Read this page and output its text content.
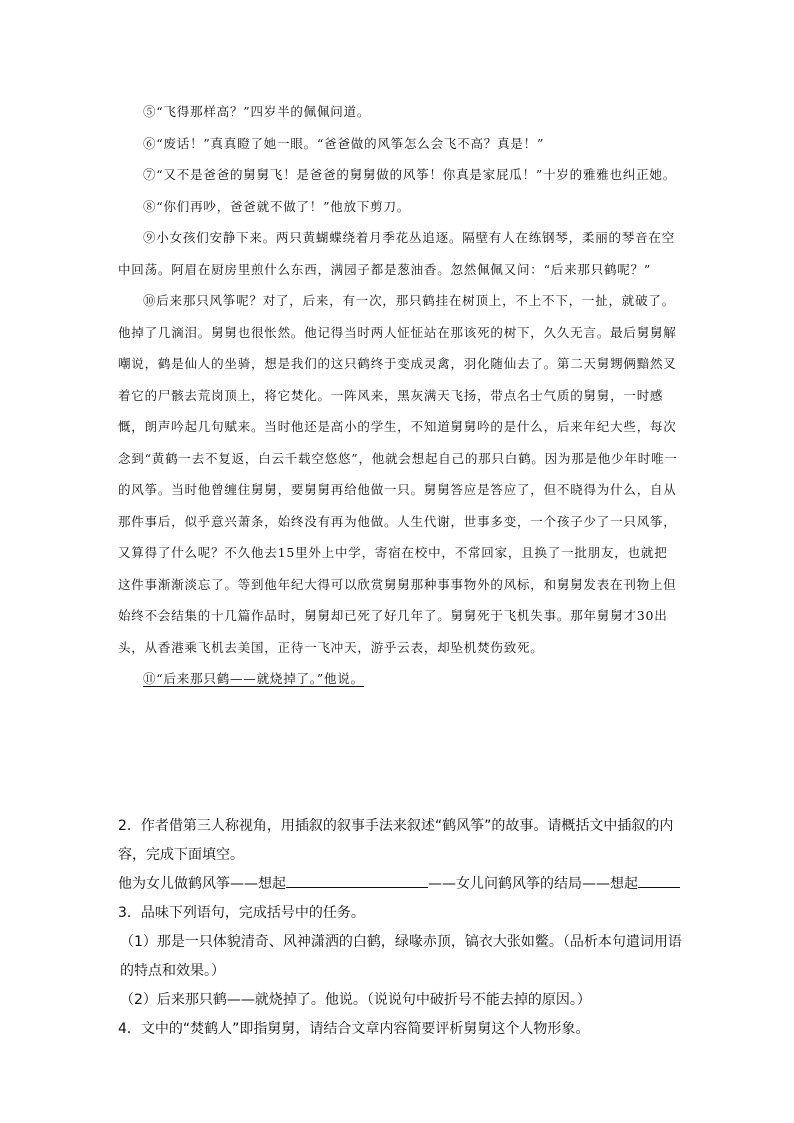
⑤“飞得那样高？”四岁半的佩佩问道。

⑥“废话！”真真瞪了她一眼。“爸爸做的风筝怎么会飞不高？真是！”

⑦“又不是爸爸的舅舅飞！是爸爸的舅舅做的风筝！你真是家屁瓜！”十岁的雅雅也纠正她。

⑧“你们再吵，爸爸就不做了！”他放下剪刀。

⑨小女孩们安静下来。两只黄蝴蝶绕着月季花丛追逐。隔壁有人在练钢琴，柔丽的琴音在空中回荡。阿眉在厨房里煎什么东西，满园子都是葱油香。忽然佩佩又问：“后来那只鹤呢？”

⑩后来那只风筝呢？对了，后来，有一次，那只鹤挂在树顶上，不上不下，一扯，就破了。他掉了几滴泪。舅舅也很怅然。他记得当时两人怔怔站在那该死的树下，久久无言。最后舅舅解嘲说，鹤是仙人的坐骑，想是我们的这只鹤终于变成灵禽，羽化随仙去了。第二天舅甥俩黯然叉着它的尸骸去荒岗顶上，将它焚化。一阵风来，黑灰满天飞扬，带点名士气质的舅舅，一时感慨，朗声吟起几句赋来。当时他还是高小的学生，不知道舅舅吟的是什么，后来年纪大些，每次念到“黄鹤一去不复返，白云千载空悠悠”，他就会想起自己的那只白鹤。因为那是他少年时唯一的风筝。当时他曾缠住舅舅，要舅舅再给他做一只。舅舅答应是答应了，但不晓得为什么，自从那件事后，似乎意兴萧条，始终没有再为他做。人生代谢，世事多变，一个孩子少了一只风筝，又算得了什么呢？不久他去15里外上中学，寄宿在校中，不常回家，且换了一批朋友，也就把这件事渐渐淡忘了。等到他年纪大得可以欣赏舅舅那种事事物外的风标，和舅舅发表在刊物上但始终不会结集的十几篇作品时，舅舅却已死了好几年了。舅舅死于飞机失事。那年舅舅才30出头，从香港乘飞机去美国，正待一飞冲天，游乎云表，却坠机焚伤致死。

⑪“后来那只鹤——就烧掉了。”他说。

2．作者借第三人称视角，用插叙的叙事手法来叙述“鹤风筝”的故事。请概括文中插叙的内容，完成下面填空。

他为女儿做鹤风筝——想起	——女儿问鹤风筝的结局——想起

3．品味下列语句，完成括号中的任务。

（1）那是一只体貌清奇、风神潇洒的白鹤，绿喙赤顶，镐衣大张如鳖。（品析本句遣词用语的特点和效果。）

（2）后来那只鹤——就烧掉了。他说。（说说句中破折号不能去掉的原因。）

4．文中的“焚鹤人”即指舅舅，请结合文章内容简要评析舅舅这个人物形象。
